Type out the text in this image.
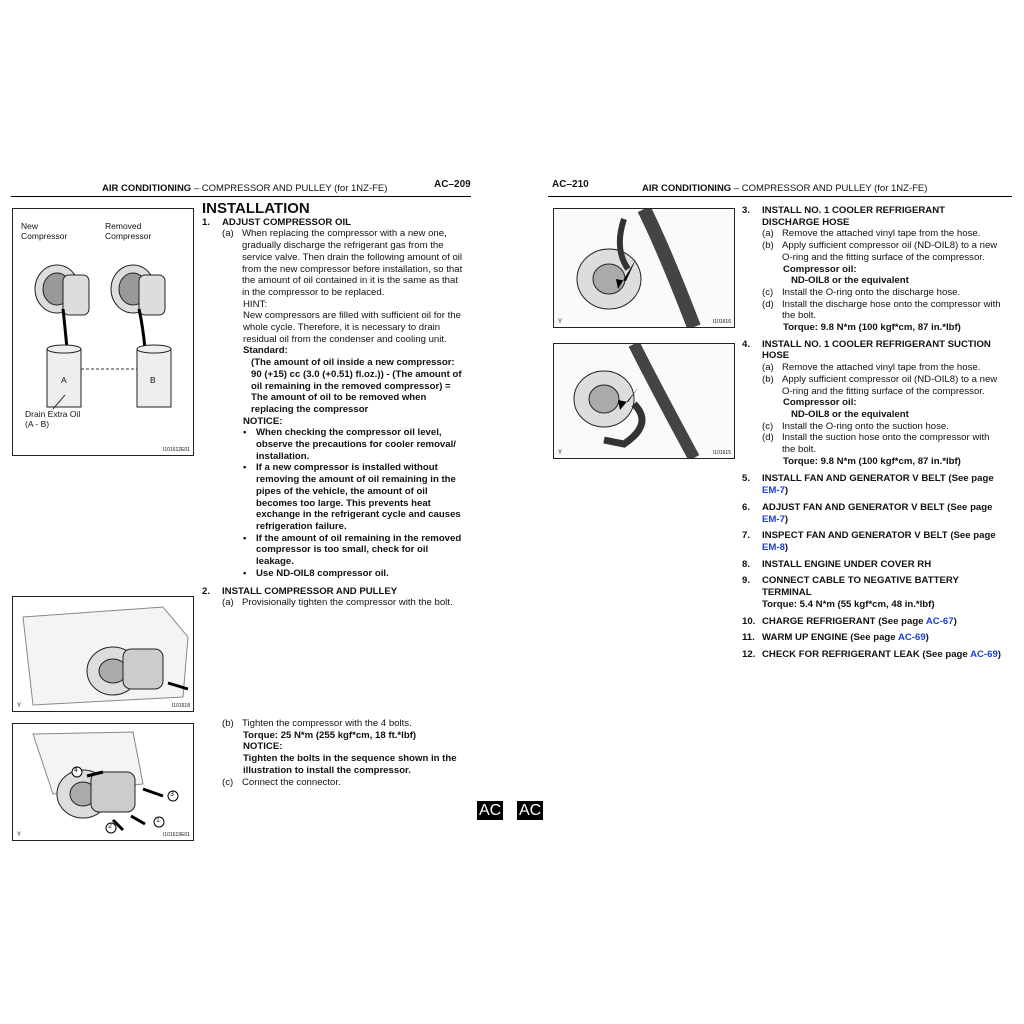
AIR CONDITIONING – COMPRESSOR AND PULLEY (for 1NZ-FE)	AC–209	AC–210	AIR CONDITIONING – COMPRESSOR AND PULLEY (for 1NZ-FE)
New
Compressor
Removed
Compressor
A	B
Drain Extra Oil
(A - B)
I101612E01
Y	I101618
1
2
3
4
Y	I101619E01
INSTALLATION

1. ADJUST COMPRESSOR OIL

(a) When replacing the compressor with a new one,

gradually discharge the refrigerant gas from the

service valve. Then drain the following amount of oil

from the new compressor before installation, so that

the amount of oil contained in it is the same as that

in the compressor to be replaced.

HINT:

New compressors are filled with sufficient oil for the

whole cycle. Therefore, it is necessary to drain

residual oil from the condenser and cooling unit.

Standard:

(The amount of oil inside a new compressor:

90 (+15) cc (3.0 (+0.51) fl.oz.)) - (The amount of

oil remaining in the removed compressor) =

The amount of oil to be removed when

replacing the compressor

NOTICE:

•	When checking the compressor oil level,

observe the precautions for cooler removal/

installation.

•	If a new compressor is installed without

removing the amount of oil remaining in the

pipes of the vehicle, the amount of oil

becomes too large. This prevents heat

exchange in the refrigerant cycle and causes

refrigeration failure.

•	If the amount of oil remaining in the removed

compressor is too small, check for oil

leakage.

•	Use ND-OIL8 compressor oil.

2. INSTALL COMPRESSOR AND PULLEY

(a) Provisionally tighten the compressor with the bolt.
(b) Tighten the compressor with the 4 bolts.

Torque: 25 N*m (255 kgf*cm, 18 ft.*lbf)

NOTICE:

Tighten the bolts in the sequence shown in the

illustration to install the compressor.

(c) Connect the connector.
Y	I101616
Y	I101615
3.	INSTALL NO. 1 COOLER REFRIGERANT

DISCHARGE HOSE

(a) Remove the attached vinyl tape from the hose.
(b) Apply sufficient compressor oil (ND-OIL8) to a new

O-ring and the fitting surface of the compressor.

Compressor oil:

ND-OIL8 or the equivalent

(c) Install the O-ring onto the discharge hose.
(d) Install the discharge hose onto the compressor with

the bolt.

Torque: 9.8 N*m (100 kgf*cm, 87 in.*lbf)

4.	INSTALL NO. 1 COOLER REFRIGERANT SUCTION

HOSE

(a) Remove the attached vinyl tape from the hose.
(b) Apply sufficient compressor oil (ND-OIL8) to a new

O-ring and the fitting surface of the compressor.

Compressor oil:

ND-OIL8 or the equivalent

(c) Install the O-ring onto the suction hose.
(d) Install the suction hose onto the compressor with

the bolt.

Torque: 9.8 N*m (100 kgf*cm, 87 in.*lbf)

5.	INSTALL FAN AND GENERATOR V BELT (See page

EM-7)

6.	ADJUST FAN AND GENERATOR V BELT (See page

EM-7)

7.	INSPECT FAN AND GENERATOR V BELT (See page

EM-8)

8.	INSTALL ENGINE UNDER COVER RH
9.	CONNECT CABLE TO NEGATIVE BATTERY

TERMINAL

Torque: 5.4 N*m (55 kgf*cm, 48 in.*lbf)

10. CHARGE REFRIGERANT (See page AC-67)

11. WARM UP ENGINE (See page AC-69)

12. CHECK FOR REFRIGERANT LEAK (See page AC-69)

AC AC
